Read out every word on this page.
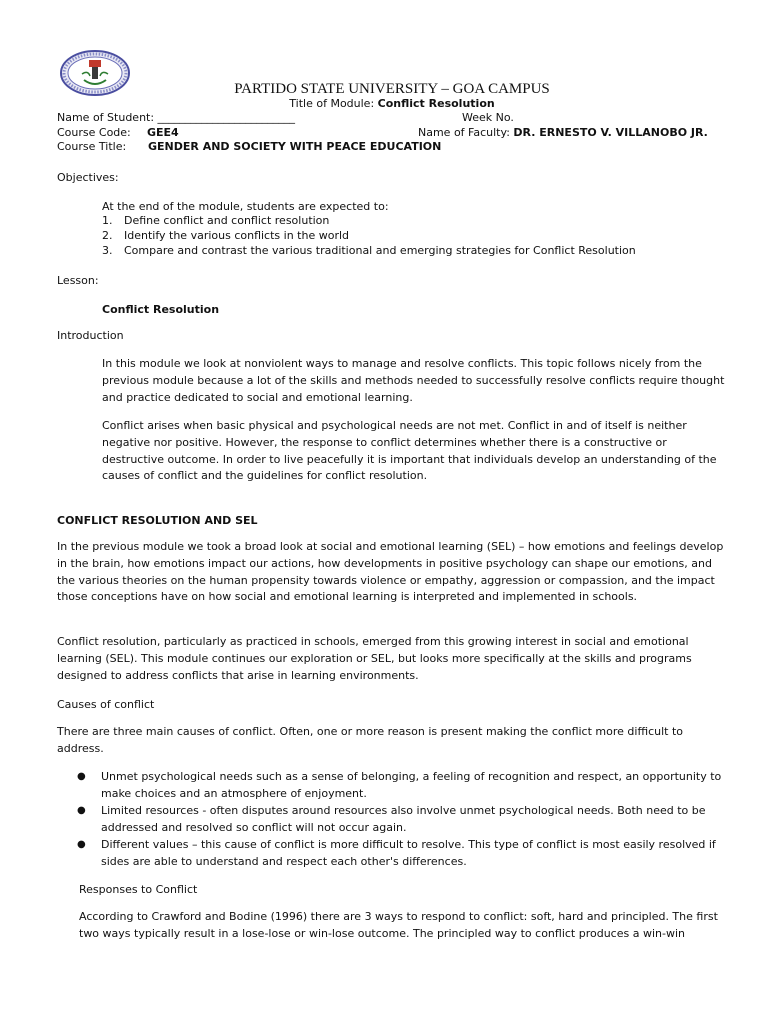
PARTIDO STATE UNIVERSITY – GOA CAMPUS
Title of Module: Conflict Resolution
Name of Student: _________________________	Week No.
Course Code: GEE4	Name of Faculty: DR. ERNESTO V. VILLANOBO JR.
Course Title: GENDER AND SOCIETY WITH PEACE EDUCATION
Objectives:
At the end of the module, students are expected to:
1. Define conflict and conflict resolution
2. Identify the various conflicts in the world
3. Compare and contrast the various traditional and emerging strategies for Conflict Resolution
Lesson:
Conflict Resolution
Introduction
In this module we look at nonviolent ways to manage and resolve conflicts. This topic follows nicely from the previous module because a lot of the skills and methods needed to successfully resolve conflicts require thought and practice dedicated to social and emotional learning.
Conflict arises when basic physical and psychological needs are not met. Conflict in and of itself is neither negative nor positive. However, the response to conflict determines whether there is a constructive or destructive outcome. In order to live peacefully it is important that individuals develop an understanding of the causes of conflict and the guidelines for conflict resolution.
CONFLICT RESOLUTION AND SEL
In the previous module we took a broad look at social and emotional learning (SEL) – how emotions and feelings develop in the brain, how emotions impact our actions, how developments in positive psychology can shape our emotions, and the various theories on the human propensity towards violence or empathy, aggression or compassion, and the impact those conceptions have on how social and emotional learning is interpreted and implemented in schools.
Conflict resolution, particularly as practiced in schools, emerged from this growing interest in social and emotional learning (SEL). This module continues our exploration or SEL, but looks more specifically at the skills and programs designed to address conflicts that arise in learning environments.
Causes of conflict
There are three main causes of conflict. Often, one or more reason is present making the conflict more difficult to address.
● Unmet psychological needs such as a sense of belonging, a feeling of recognition and respect, an opportunity to make choices and an atmosphere of enjoyment.
● Limited resources - often disputes around resources also involve unmet psychological needs. Both need to be addressed and resolved so conflict will not occur again.
● Different values – this cause of conflict is more difficult to resolve. This type of conflict is most easily resolved if sides are able to understand and respect each other's differences.
Responses to Conflict
According to Crawford and Bodine (1996) there are 3 ways to respond to conflict: soft, hard and principled. The first two ways typically result in a lose-lose or win-lose outcome. The principled way to conflict produces a win-win
